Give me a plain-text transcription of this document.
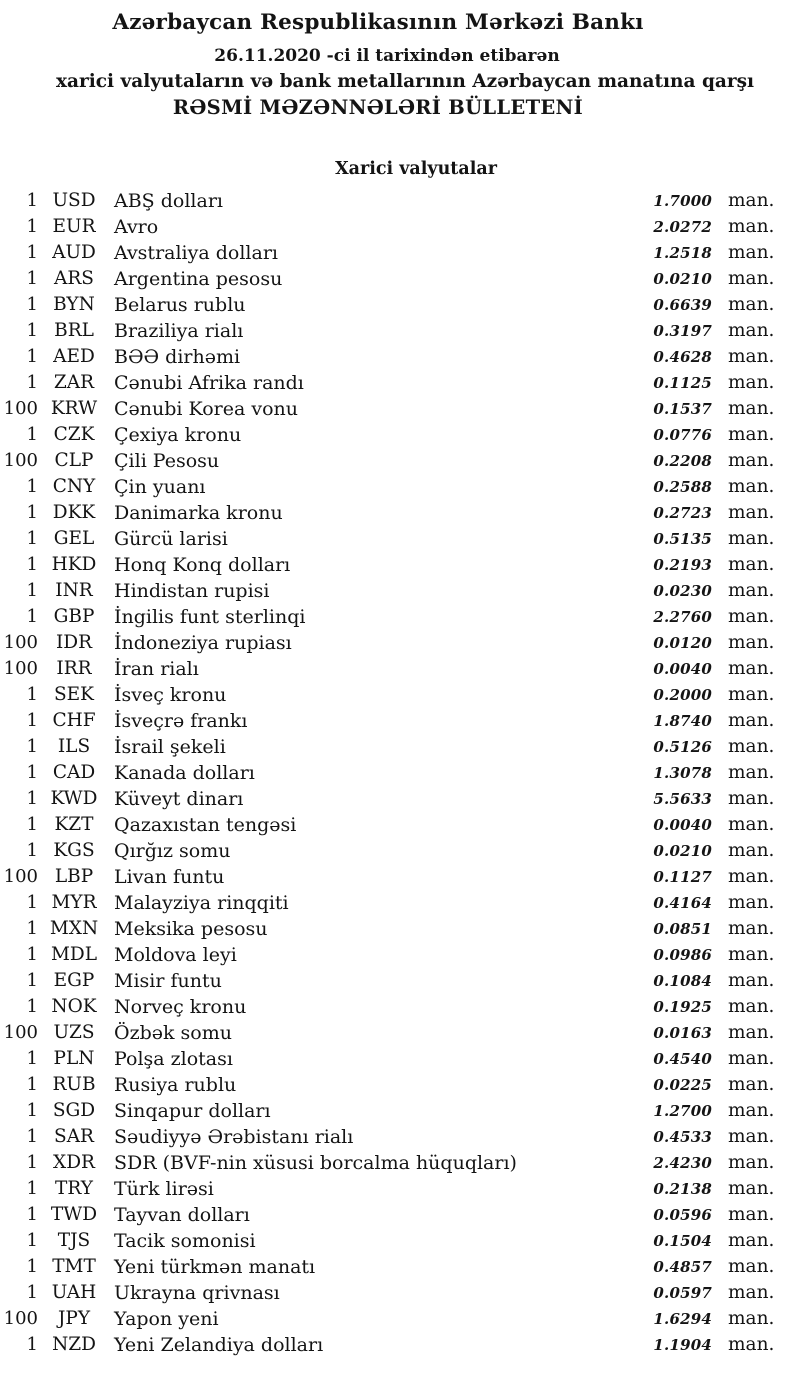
Azərbaycan Respublikasının Mərkəzi Bankı
26.11.2020 -ci il tarixindən etibarən
xarici valyutaların və bank metallarının Azərbaycan manatına qarşı
RƏSMİ MƏZƏNNƏLƏRİ BÜLLETENİ
Xarici valyutalar
1 USD ABŞ dolları	1.7000 man.
1 EUR Avro	2.0272 man.
1 AUD Avstraliya dolları	1.2518 man.
1 ARS	Argentina pesosu	0.0210 man.
1 BYN	Belarus rublu	0.6639 man.
1 BRL	Braziliya rialı	0.3197 man.
1 AED	BƏƏ dirhəmi	0.4628 man.
1 ZAR	Cənubi Afrika randı	0.1125 man.
100 KRW Cənubi Korea vonu	0.1537 man.
1 CZK	Çexiya kronu	0.0776 man.
100 CLP	Çili Pesosu	0.2208 man.
1 CNY Çin yuanı	0.2588 man.
1 DKK Danimarka kronu	0.2723 man.
1 GEL	Gürcü larisi	0.5135 man.
1 HKD Honq Konq dolları	0.2193 man.
1 INR	Hindistan rupisi	0.0230 man.
1 GBP	İngilis funt sterlinqi	2.2760 man.
100 IDR	İndoneziya rupiası	0.0120 man.
100 IRR	İran rialı	0.0040 man.
1 SEK	İsveç kronu	0.2000 man.
1 CHF İsveçrə frankı	1.8740 man.
1	ILS	İsrail şekeli	0.5126 man.
1 CAD Kanada dolları	1.3078 man.
1 KWD Küveyt dinarı	5.5633 man.
1 KZT	Qazaxıstan tengəsi	0.0040 man.
1 KGS	Qırğız somu	0.0210 man.
100 LBP	Livan funtu	0.1127 man.
1 MYR Malayziya rinqqiti	0.4164 man.
1 MXN Meksika pesosu	0.0851 man.
1 MDL Moldova leyi	0.0986 man.
1 EGP	Misir funtu	0.1084 man.
1 NOK Norveç kronu	0.1925 man.
100 UZS	Özbək somu	0.0163 man.
1 PLN	Polşa zlotası	0.4540 man.
1 RUB Rusiya rublu	0.0225 man.
1 SGD Sinqapur dolları	1.2700 man.
1 SAR	Səudiyyə Ərəbistanı rialı	0.4533 man.
1 XDR	SDR (BVF-nin xüsusi borcalma hüquqları)	2.4230 man.
1 TRY	Türk lirəsi	0.2138 man.
1 TWD Tayvan dolları	0.0596 man.
1	TJS	Tacik somonisi	0.1504 man.
1 TMT Yeni türkmən manatı	0.4857 man.
1 UAH Ukrayna qrivnası	0.0597 man.
100	JPY	Yapon yeni	1.6294 man.
1 NZD Yeni Zelandiya dolları	1.1904 man.
